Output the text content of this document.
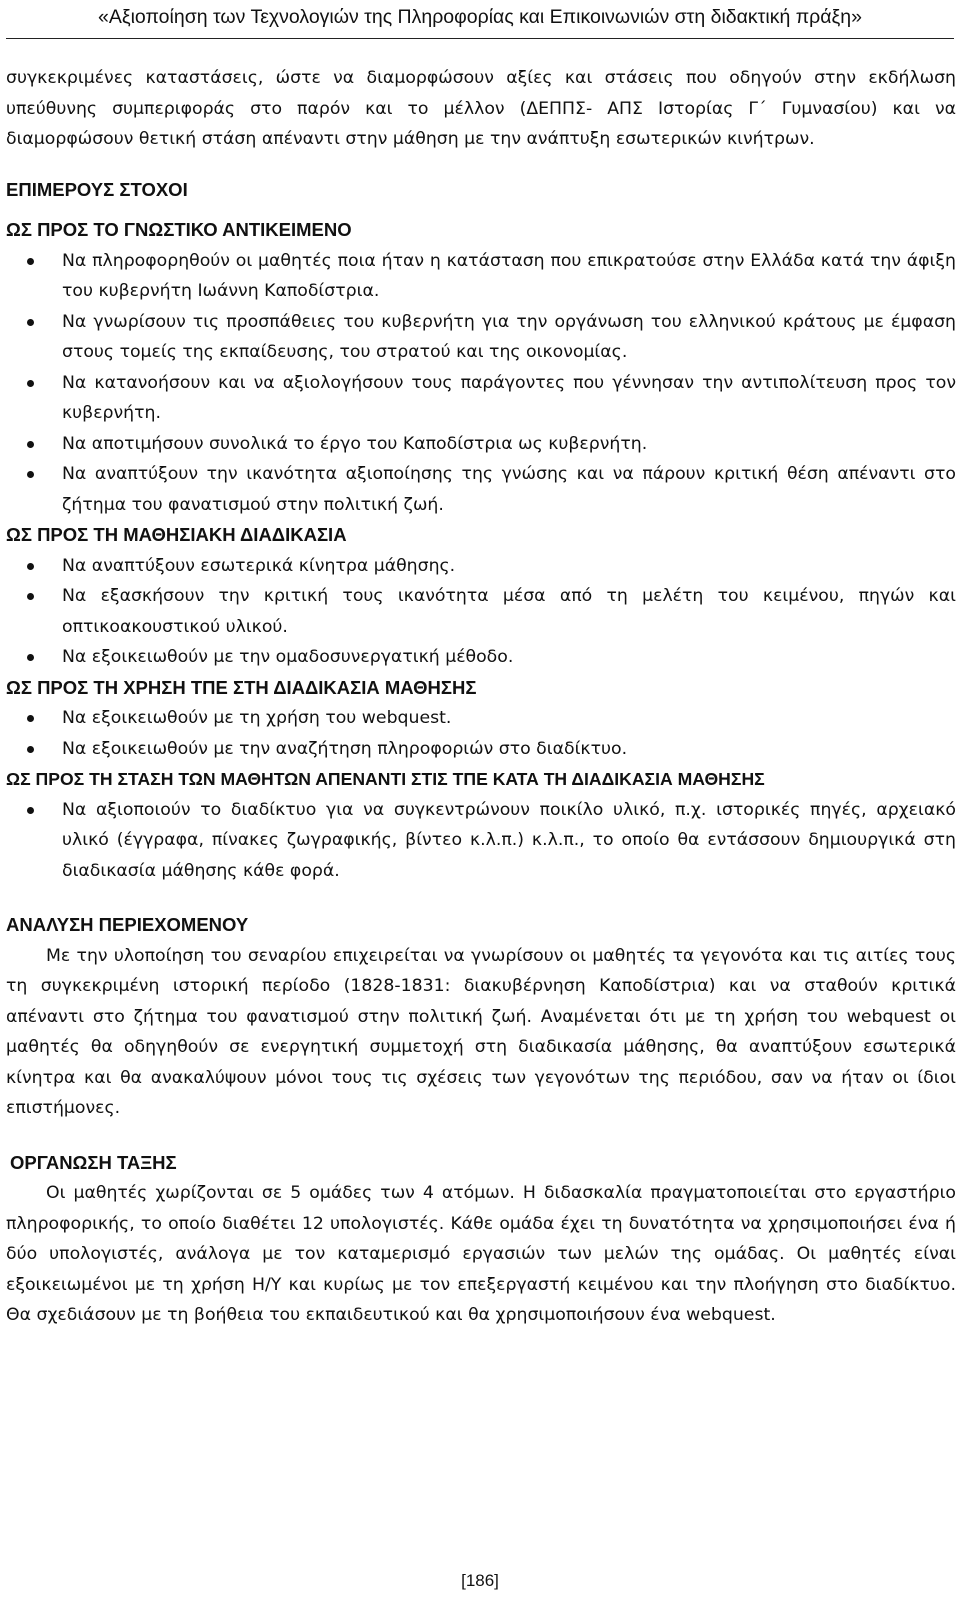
«Αξιοποίηση των Τεχνολογιών της Πληροφορίας και Επικοινωνιών στη διδακτική πράξη»

συγκεκριμένες καταστάσεις, ώστε να διαμορφώσουν αξίες και στάσεις που οδηγούν στην εκδήλωση υπεύθυνης συμπεριφοράς στο παρόν και το μέλλον (ΔΕΠΠΣ- ΑΠΣ Ιστορίας Γ΄ Γυμνασίου) και να διαμορφώσουν θετική στάση απέναντι στην μάθηση με την ανάπτυξη εσωτερικών κινήτρων.

ΕΠΙΜΕΡΟΥΣ ΣΤΟΧΟΙ
ΩΣ ΠΡΟΣ ΤΟ ΓΝΩΣΤΙΚΟ ΑΝΤΙΚΕΙΜΕΝΟ
Να πληροφορηθούν οι μαθητές ποια ήταν η κατάσταση που επικρατούσε στην Ελλάδα κατά την άφιξη του κυβερνήτη Ιωάννη Καποδίστρια.
Να γνωρίσουν τις προσπάθειες του κυβερνήτη για την οργάνωση του ελληνικού κράτους με έμφαση στους τομείς της εκπαίδευσης, του στρατού και της οικονομίας.
Να κατανοήσουν και να αξιολογήσουν τους παράγοντες που γέννησαν την αντιπολίτευση προς τον κυβερνήτη.
Να αποτιμήσουν συνολικά το έργο του Καποδίστρια ως κυβερνήτη.
Να αναπτύξουν την ικανότητα αξιοποίησης της γνώσης και να πάρουν κριτική θέση απέναντι στο ζήτημα του φανατισμού στην πολιτική ζωή.
ΩΣ ΠΡΟΣ ΤΗ ΜΑΘΗΣΙΑΚΗ ΔΙΑΔΙΚΑΣΙΑ
Να αναπτύξουν εσωτερικά κίνητρα μάθησης.
Να εξασκήσουν την κριτική τους ικανότητα μέσα από τη μελέτη του κειμένου, πηγών και οπτικοακουστικού υλικού.
Να εξοικειωθούν με την ομαδοσυνεργατική μέθοδο.
ΩΣ ΠΡΟΣ ΤΗ ΧΡΗΣΗ ΤΠΕ ΣΤΗ ΔΙΑΔΙΚΑΣΙΑ ΜΑΘΗΣΗΣ
Να εξοικειωθούν με τη χρήση του webquest.
Να εξοικειωθούν με την αναζήτηση πληροφοριών στο διαδίκτυο.
ΩΣ ΠΡΟΣ ΤΗ ΣΤΑΣΗ ΤΩΝ ΜΑΘΗΤΩΝ ΑΠΕΝΑΝΤΙ ΣΤΙΣ ΤΠΕ ΚΑΤΑ ΤΗ ΔΙΑΔΙΚΑΣΙΑ ΜΑΘΗΣΗΣ
Να αξιοποιούν το διαδίκτυο για να συγκεντρώνουν ποικίλο υλικό, π.χ. ιστορικές πηγές, αρχειακό υλικό (έγγραφα, πίνακες ζωγραφικής, βίντεο κ.λ.π.) κ.λ.π., το οποίο θα εντάσσουν δημιουργικά στη διαδικασία μάθησης κάθε φορά.
ΑΝΑΛΥΣΗ ΠΕΡΙΕΧΟΜΕΝΟΥ

Με την υλοποίηση του σεναρίου επιχειρείται να γνωρίσουν οι μαθητές τα γεγονότα και τις αιτίες τους τη συγκεκριμένη ιστορική περίοδο (1828-1831: διακυβέρνηση Καποδίστρια) και να σταθούν κριτικά απέναντι στο ζήτημα του φανατισμού στην πολιτική ζωή. Αναμένεται ότι με τη χρήση του webquest οι μαθητές θα οδηγηθούν σε ενεργητική συμμετοχή στη διαδικασία μάθησης, θα αναπτύξουν εσωτερικά κίνητρα και θα ανακαλύψουν μόνοι τους τις σχέσεις των γεγονότων της περιόδου, σαν να ήταν οι ίδιοι επιστήμονες.

ΟΡΓΑΝΩΣΗ ΤΑΞΗΣ

Οι μαθητές χωρίζονται σε 5 ομάδες των 4 ατόμων. Η διδασκαλία πραγματοποιείται στο εργαστήριο πληροφορικής, το οποίο διαθέτει 12 υπολογιστές. Κάθε ομάδα έχει τη δυνατότητα να χρησιμοποιήσει ένα ή δύο υπολογιστές, ανάλογα με τον καταμερισμό εργασιών των μελών της ομάδας. Οι μαθητές είναι εξοικειωμένοι με τη χρήση Η/Υ και κυρίως με τον επεξεργαστή κειμένου και την πλοήγηση στο διαδίκτυο. Θα σχεδιάσουν με τη βοήθεια του εκπαιδευτικού και θα χρησιμοποιήσουν ένα webquest.

[186]
